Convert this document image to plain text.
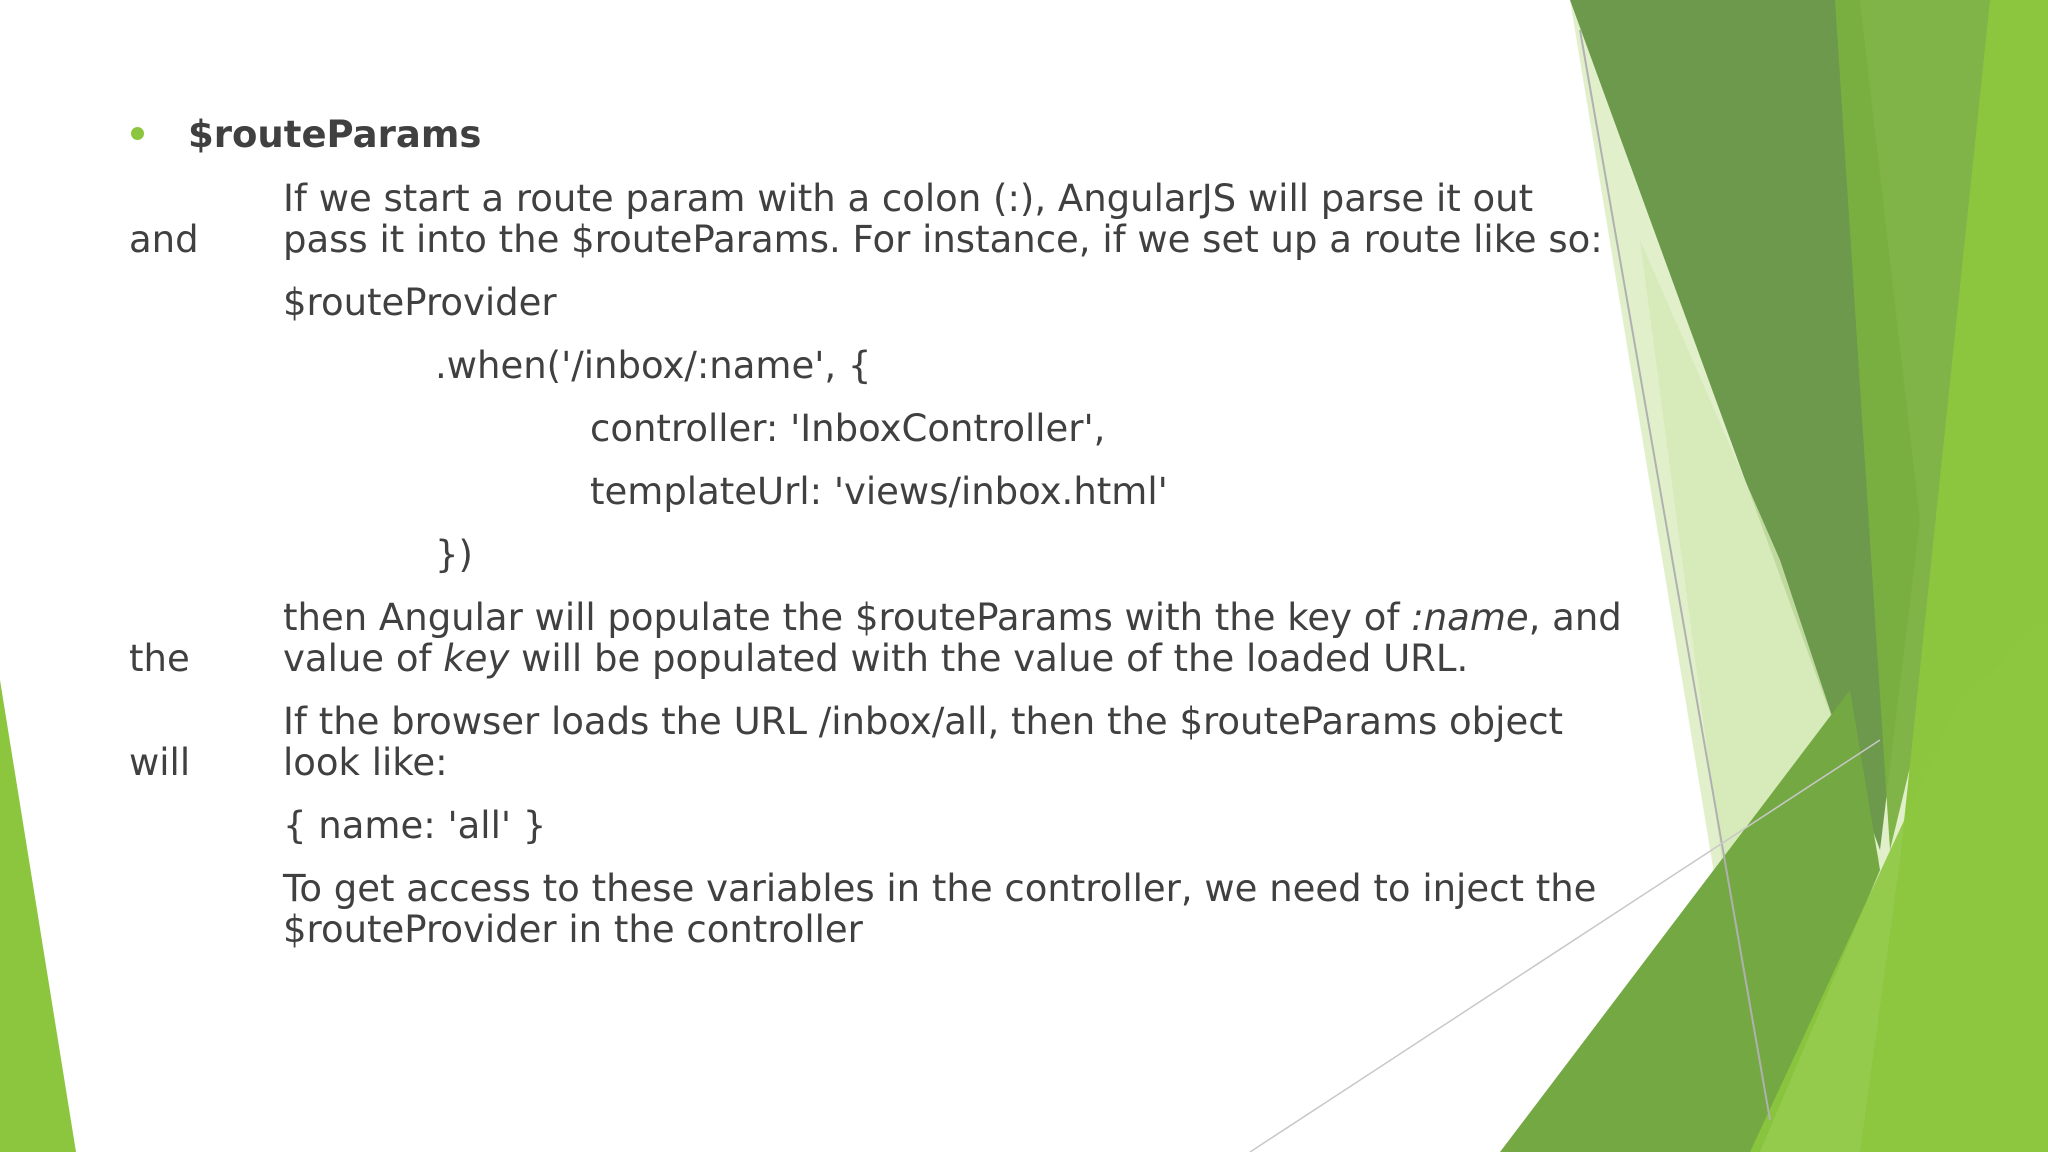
$routeParams
If we start a route param with a colon (:), AngularJS will parse it out
and pass it into the $routeParams. For instance, if we set up a route like so:
$routeProvider
.when('/inbox/:name', {
controller: 'InboxController',
templateUrl: 'views/inbox.html'
})
then Angular will populate the $routeParams with the key of :name, and
the	value of key will be populated with the value of the loaded URL.
If the browser loads the URL /inbox/all, then the $routeParams object
will	look like:
{ name: 'all' }
To get access to these variables in the controller, we need to inject the
$routeProvider in the controller
